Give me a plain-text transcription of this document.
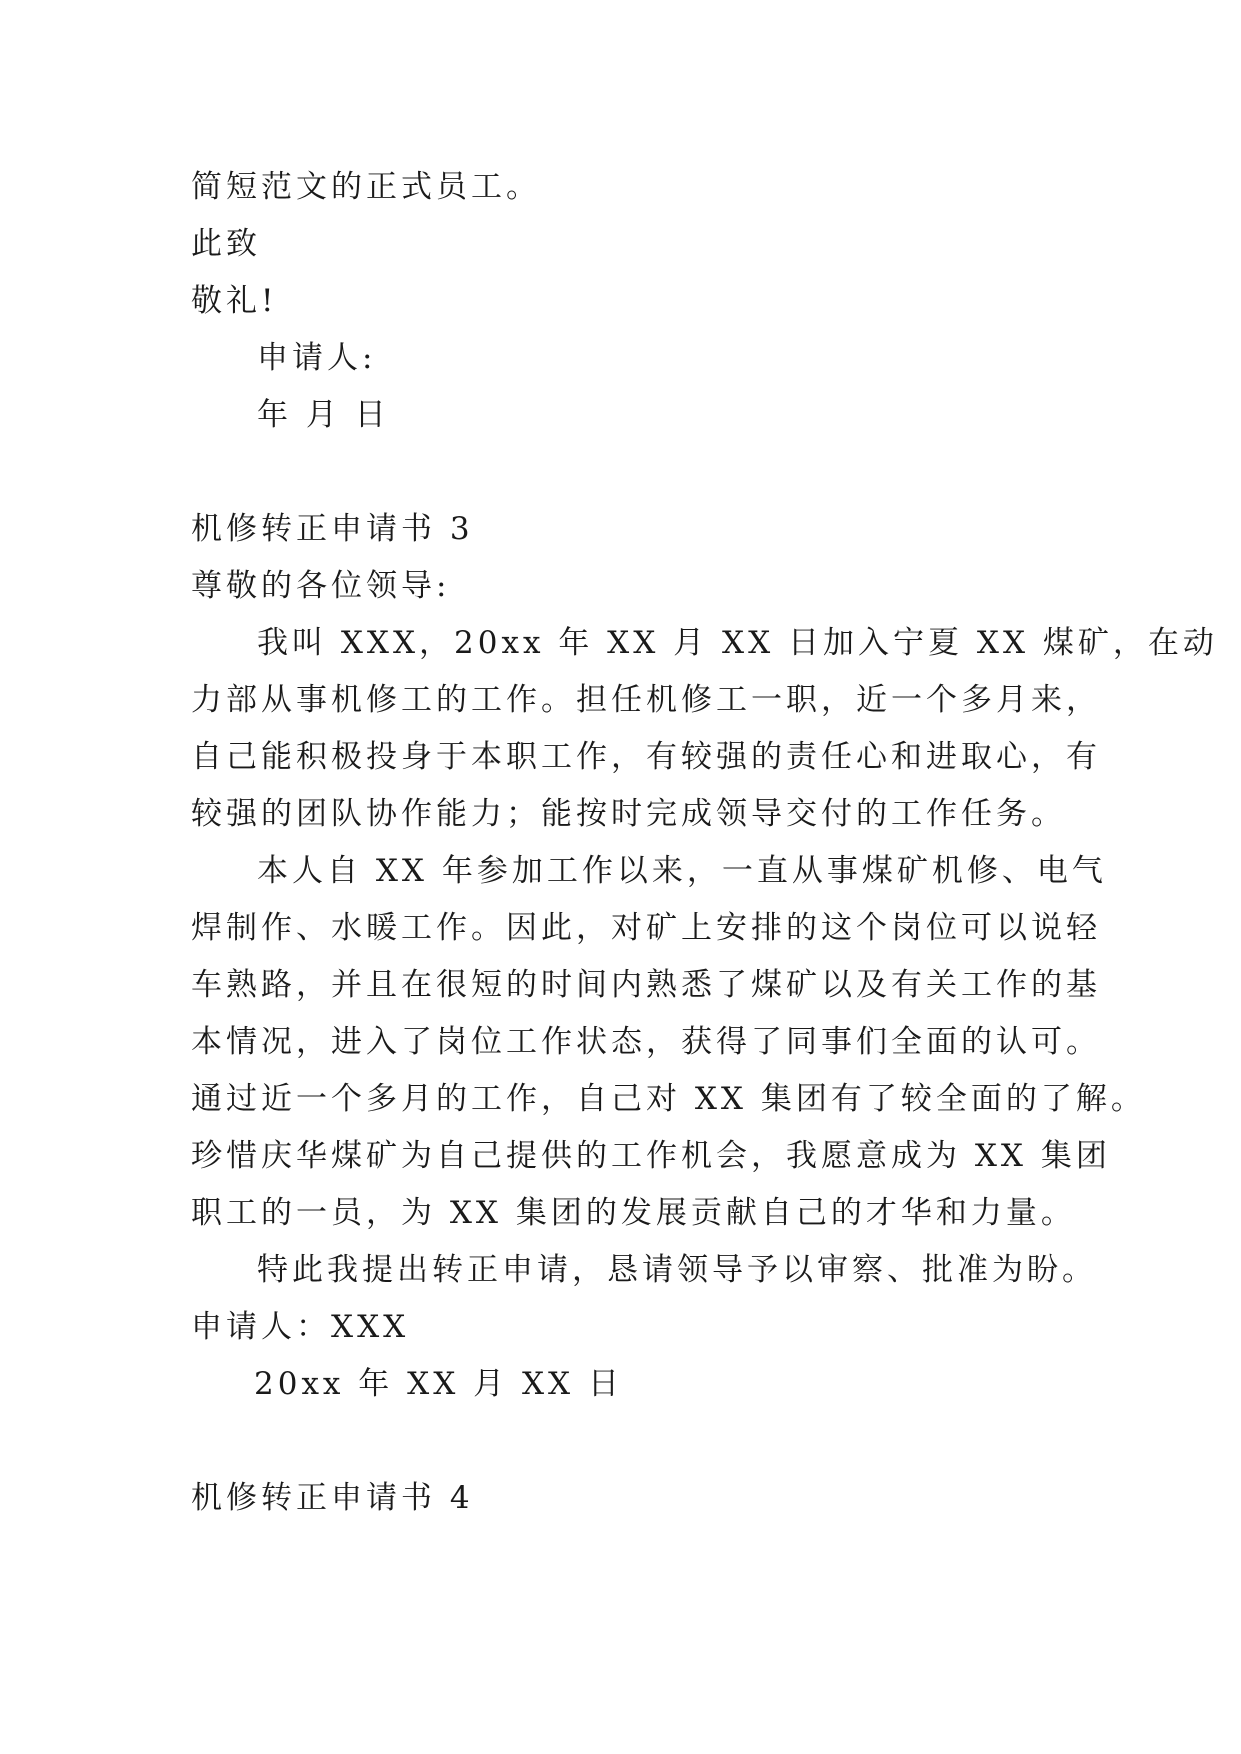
简短范文的正式员工。
此致
敬礼!
申请人:
年 月 日
机修转正申请书 3
尊敬的各位领导:
我叫 XXX，20xx 年 XX 月 XX 日加入宁夏 XX 煤矿，在动
力部从事机修工的工作。担任机修工一职，近一个多月来，
自己能积极投身于本职工作，有较强的责任心和进取心，有
较强的团队协作能力；能按时完成领导交付的工作任务。
本人自 XX 年参加工作以来，一直从事煤矿机修、电气
焊制作、水暖工作。因此，对矿上安排的这个岗位可以说轻
车熟路，并且在很短的时间内熟悉了煤矿以及有关工作的基
本情况，进入了岗位工作状态，获得了同事们全面的认可。
通过近一个多月的工作，自己对 XX 集团有了较全面的了解。
珍惜庆华煤矿为自己提供的工作机会，我愿意成为 XX 集团
职工的一员，为 XX 集团的发展贡献自己的才华和力量。
特此我提出转正申请，恳请领导予以审察、批准为盼。
申请人：XXX
20xx 年 XX 月 XX 日
机修转正申请书 4
